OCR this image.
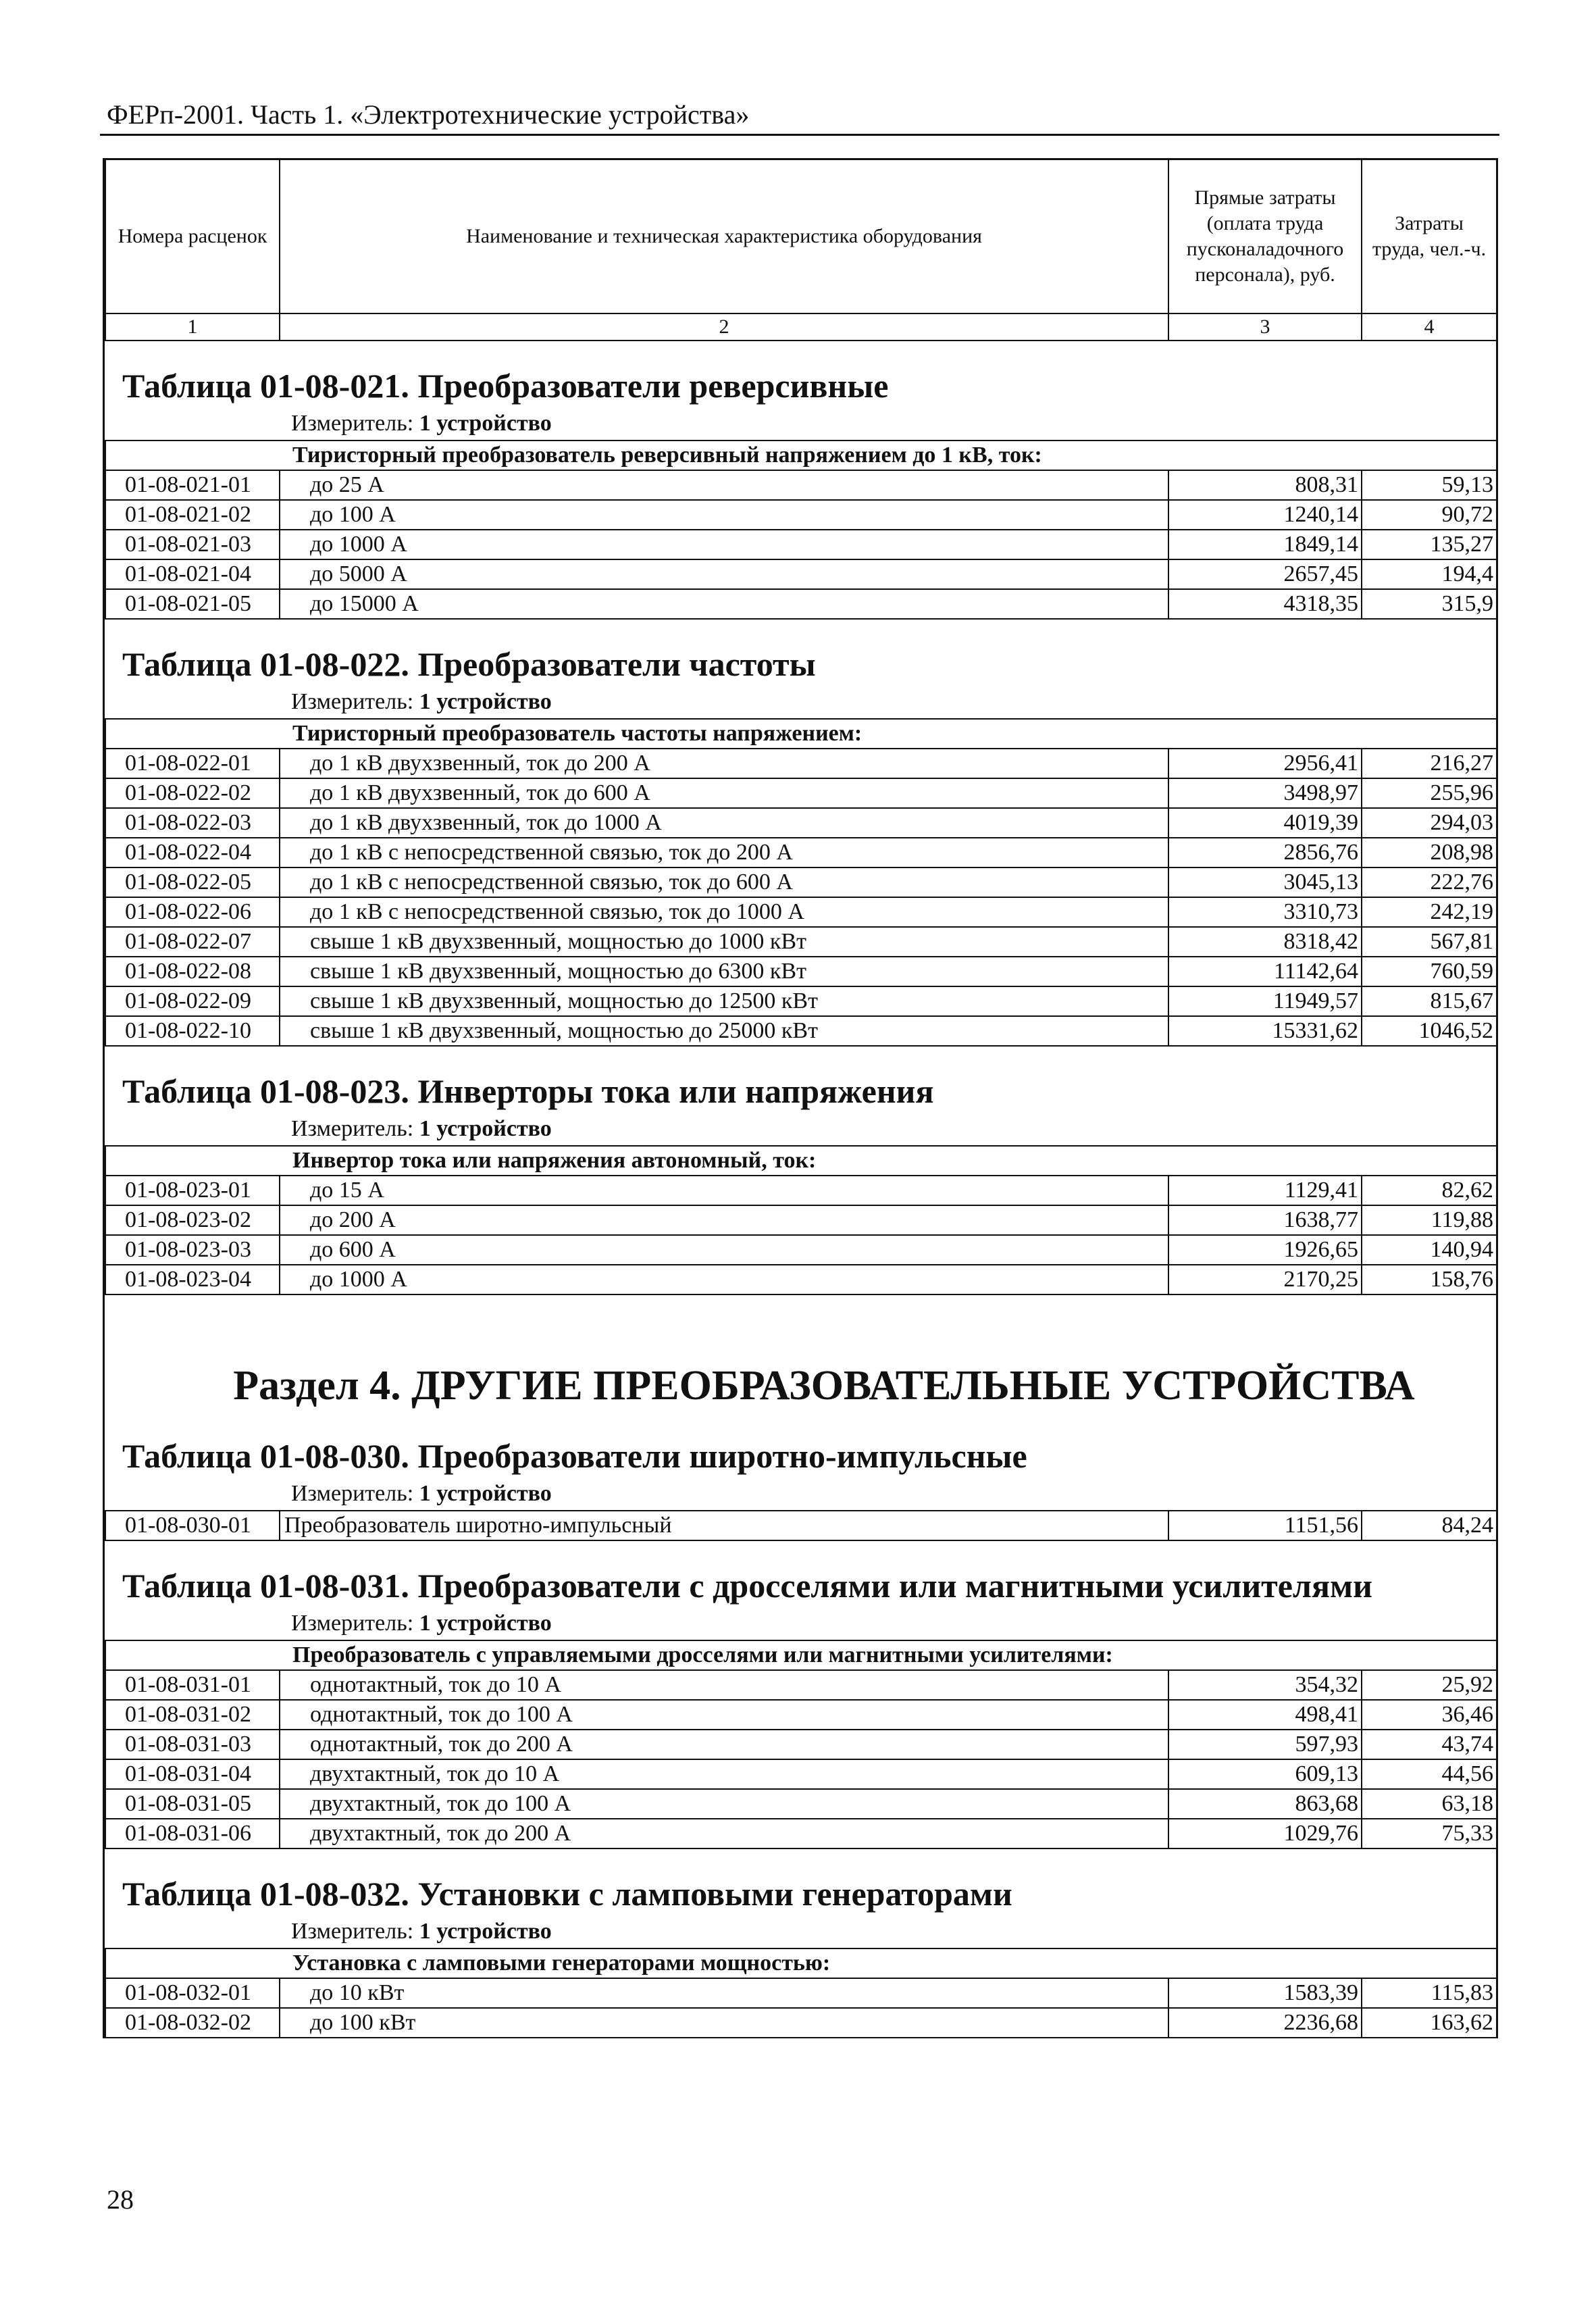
ФЕРп-2001. Часть 1. «Электротехнические устройства»
Номера расценок	Наименование и техническая характеристика оборудования	Прямые затраты (оплата труда пусконаладочного персонала), руб.	Затраты труда, чел.-ч.
1	2	3	4
Таблица 01-08-021. Преобразователи реверсивные
Измеритель: 1 устройство
Тиристорный преобразователь реверсивный напряжением до 1 кВ, ток:			
01-08-021-01	до 25 А	808,31	59,13
01-08-021-02	до 100 А	1240,14	90,72
01-08-021-03	до 1000 А	1849,14	135,27
01-08-021-04	до 5000 А	2657,45	194,4
01-08-021-05	до 15000 А	4318,35	315,9
Таблица 01-08-022. Преобразователи частоты
Измеритель: 1 устройство
Тиристорный преобразователь частоты напряжением:			
01-08-022-01	до 1 кВ двухзвенный, ток до 200 А	2956,41	216,27
01-08-022-02	до 1 кВ двухзвенный, ток до 600 А	3498,97	255,96
01-08-022-03	до 1 кВ двухзвенный, ток до 1000 А	4019,39	294,03
01-08-022-04	до 1 кВ с непосредственной связью, ток до 200 А	2856,76	208,98
01-08-022-05	до 1 кВ с непосредственной связью, ток до 600 А	3045,13	222,76
01-08-022-06	до 1 кВ с непосредственной связью, ток до 1000 А	3310,73	242,19
01-08-022-07	свыше 1 кВ двухзвенный, мощностью до 1000 кВт	8318,42	567,81
01-08-022-08	свыше 1 кВ двухзвенный, мощностью до 6300 кВт	11142,64	760,59
01-08-022-09	свыше 1 кВ двухзвенный, мощностью до 12500 кВт	11949,57	815,67
01-08-022-10	свыше 1 кВ двухзвенный, мощностью до 25000 кВт	15331,62	1046,52
Таблица 01-08-023. Инверторы тока или напряжения
Измеритель: 1 устройство
Инвертор тока или напряжения автономный, ток:			
01-08-023-01	до 15 А	1129,41	82,62
01-08-023-02	до 200 А	1638,77	119,88
01-08-023-03	до 600 А	1926,65	140,94
01-08-023-04	до 1000 А	2170,25	158,76
Раздел 4. ДРУГИЕ ПРЕОБРАЗОВАТЕЛЬНЫЕ УСТРОЙСТВА
Таблица 01-08-030. Преобразователи широтно-импульсные
Измеритель: 1 устройство
01-08-030-01	Преобразователь широтно-импульсный	1151,56	84,24
Таблица 01-08-031. Преобразователи с дросселями или магнитными усилителями
Измеритель: 1 устройство
Преобразователь с управляемыми дросселями или магнитными усилителями:			
01-08-031-01	однотактный, ток до 10 А	354,32	25,92
01-08-031-02	однотактный, ток до 100 А	498,41	36,46
01-08-031-03	однотактный, ток до 200 А	597,93	43,74
01-08-031-04	двухтактный, ток до 10 А	609,13	44,56
01-08-031-05	двухтактный, ток до 100 А	863,68	63,18
01-08-031-06	двухтактный, ток до 200 А	1029,76	75,33
Таблица 01-08-032. Установки с ламповыми генераторами
Измеритель: 1 устройство
Установка с ламповыми генераторами мощностью:			
01-08-032-01	до 10 кВт	1583,39	115,83
01-08-032-02	до 100 кВт	2236,68	163,62
28
